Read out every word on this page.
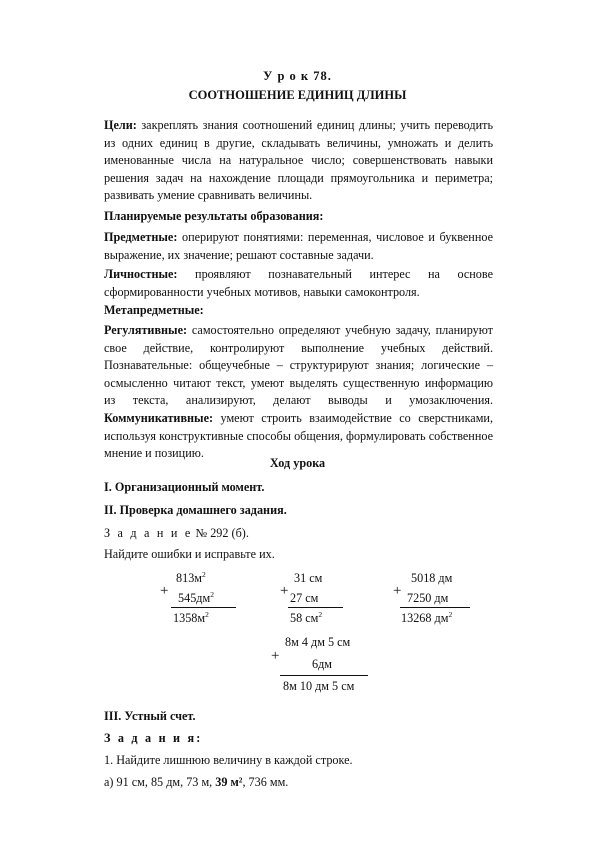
У р о к 78.
СООТНОШЕНИЕ ЕДИНИЦ ДЛИНЫ
Цели: закреплять знания соотношений единиц длины; учить переводить из одних единиц в другие, складывать величины, умножать и делить именованные числа на натуральное число; совершенствовать навыки решения задач на нахождение площади прямоугольника и периметра; развивать умение сравнивать величины.
Планируемые результаты образования:
Предметные: оперируют понятиями: переменная, числовое и буквенное выражение, их значение; решают составные задачи.
Личностные: проявляют познавательный интерес на основе сформированности учебных мотивов, навыки самоконтроля.
Метапредметные:
Регулятивные: самостоятельно определяют учебную задачу, планируют свое действие, контролируют выполнение учебных действий. Познавательные: общеучебные – структурируют знания; логические – осмысленно читают текст, умеют выделять существенную информацию из текста, анализируют, делают выводы и умозаключения. Коммуникативные: умеют строить взаимодействие со сверстниками, используя конструктивные способы общения, формулировать собственное мнение и позицию.
Ход урока
I. Организационный момент.
II. Проверка домашнего задания.
З а д а н и е № 292 (б).
Найдите ошибки и исправьте их.
+
$813м^2$
$545дм^2$
$1358м^2$
+
31 см
27 см
58 $см^2$
+
5018 дм
7250 дм
13268 $дм^2$
+
8м 4 дм 5 см
6дм
8м 10 дм 5 см
III. Устный счет.
З а д а н и я:
1. Найдите лишнюю величину в каждой строке.
а) 91 см, 85 дм, 73 м, 39 м², 736 мм.
